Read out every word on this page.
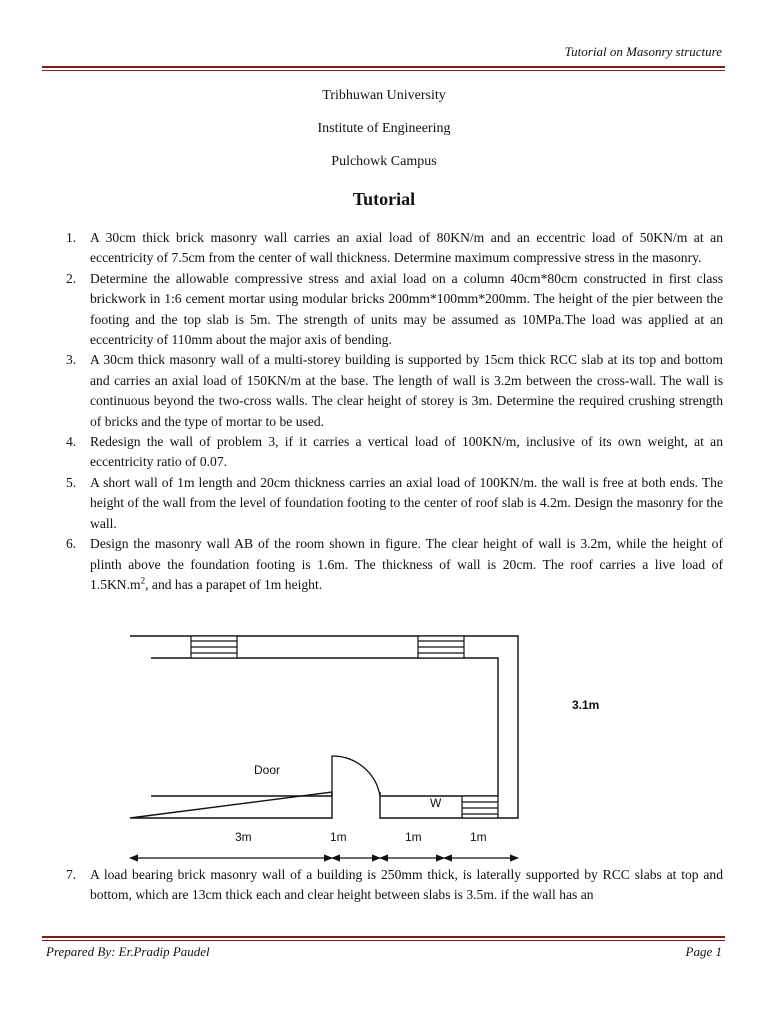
Tutorial on Masonry structure
Tribhuwan University
Institute of Engineering
Pulchowk Campus
Tutorial
1. A 30cm thick brick masonry wall carries an axial load of 80KN/m and an eccentric load of 50KN/m at an eccentricity of 7.5cm from the center of wall thickness. Determine maximum compressive stress in the masonry.
2. Determine the allowable compressive stress and axial load on a column 40cm*80cm constructed in first class brickwork in 1:6 cement mortar using modular bricks 200mm*100mm*200mm. The height of the pier between the footing and the top slab is 5m. The strength of units may be assumed as 10MPa.The load was applied at an eccentricity of 110mm about the major axis of bending.
3. A 30cm thick masonry wall of a multi-storey building is supported by 15cm thick RCC slab at its top and bottom and carries an axial load of 150KN/m at the base. The length of wall is 3.2m between the cross-wall. The wall is continuous beyond the two-cross walls. The clear height of storey is 3m. Determine the required crushing strength of bricks and the type of mortar to be used.
4. Redesign the wall of problem 3, if it carries a vertical load of 100KN/m, inclusive of its own weight, at an eccentricity ratio of 0.07.
5. A short wall of 1m length and 20cm thickness carries an axial load of 100KN/m. the wall is free at both ends. The height of the wall from the level of foundation footing to the center of roof slab is 4.2m. Design the masonry for the wall.
6. Design the masonry wall AB of the room shown in figure. The clear height of wall is 3.2m, while the height of plinth above the foundation footing is 1.6m. The thickness of wall is 20cm. The roof carries a live load of $1.5KN.m^2$, and has a parapet of 1m height.
7. A load bearing brick masonry wall of a building is 250mm thick, is laterally supported by RCC slabs at top and bottom, which are 13cm thick each and clear height between slabs is 3.5m. if the wall has an
Door
W
3.1m
3m	1m	1m	1m
Prepared By: Er.Pradip Paudel	Page 1
